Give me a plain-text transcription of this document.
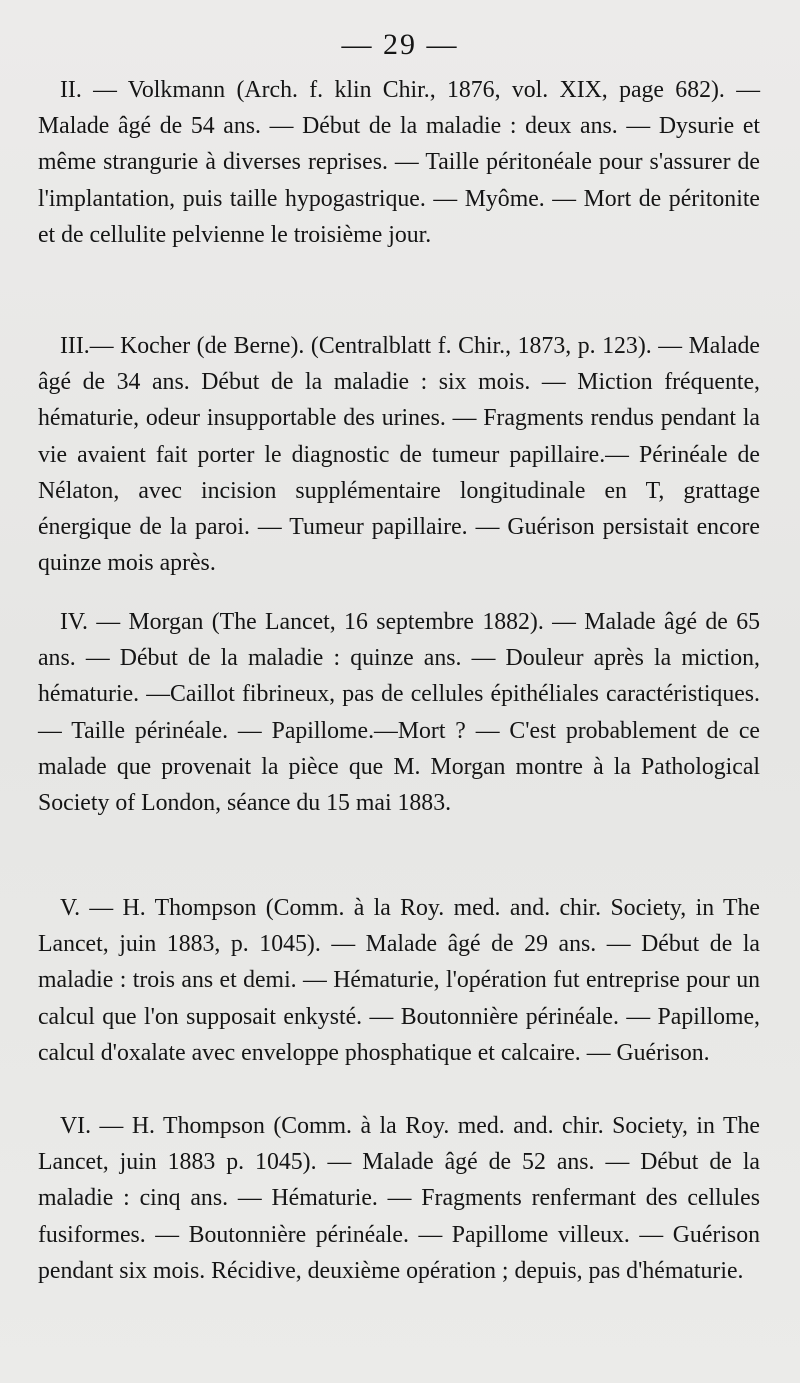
— 29 —

II. — Volkmann (Arch. f. klin Chir., 1876, vol. XIX, page 682). — Malade âgé de 54 ans. — Début de la maladie : deux ans. — Dysurie et même strangurie à diverses reprises. — Taille péritonéale pour s'assurer de l'implantation, puis taille hypogastrique. — Myôme. — Mort de péritonite et de cellulite pelvienne le troisième jour.

III.— Kocher (de Berne). (Centralblatt f. Chir., 1873, p. 123). — Malade âgé de 34 ans. Début de la maladie : six mois. — Miction fréquente, hématurie, odeur insupportable des urines. — Fragments rendus pendant la vie avaient fait porter le diagnostic de tumeur papillaire.— Périnéale de Nélaton, avec incision supplémentaire longitudinale en T, grattage énergique de la paroi. — Tumeur papillaire. — Guérison persistait encore quinze mois après.

IV. — Morgan (The Lancet, 16 septembre 1882). — Malade âgé de 65 ans. — Début de la maladie : quinze ans. — Douleur après la miction, hématurie. —Caillot fibrineux, pas de cellules épithéliales caractéristiques. — Taille périnéale. — Papillome.—Mort ? — C'est probablement de ce malade que provenait la pièce que M. Morgan montre à la Pathological Society of London, séance du 15 mai 1883.

V. — H. Thompson (Comm. à la Roy. med. and. chir. Society, in The Lancet, juin 1883, p. 1045). — Malade âgé de 29 ans. — Début de la maladie : trois ans et demi. — Hématurie, l'opération fut entreprise pour un calcul que l'on supposait enkysté. — Boutonnière périnéale. — Papillome, calcul d'oxalate avec enveloppe phosphatique et calcaire. — Guérison.

VI. — H. Thompson (Comm. à la Roy. med. and. chir. Society, in The Lancet, juin 1883 p. 1045). — Malade âgé de 52 ans. — Début de la maladie : cinq ans. — Hématurie. — Fragments renfermant des cellules fusiformes. — Boutonnière périnéale. — Papillome villeux. — Guérison pendant six mois. Récidive, deuxième opération ; depuis, pas d'hématurie.
